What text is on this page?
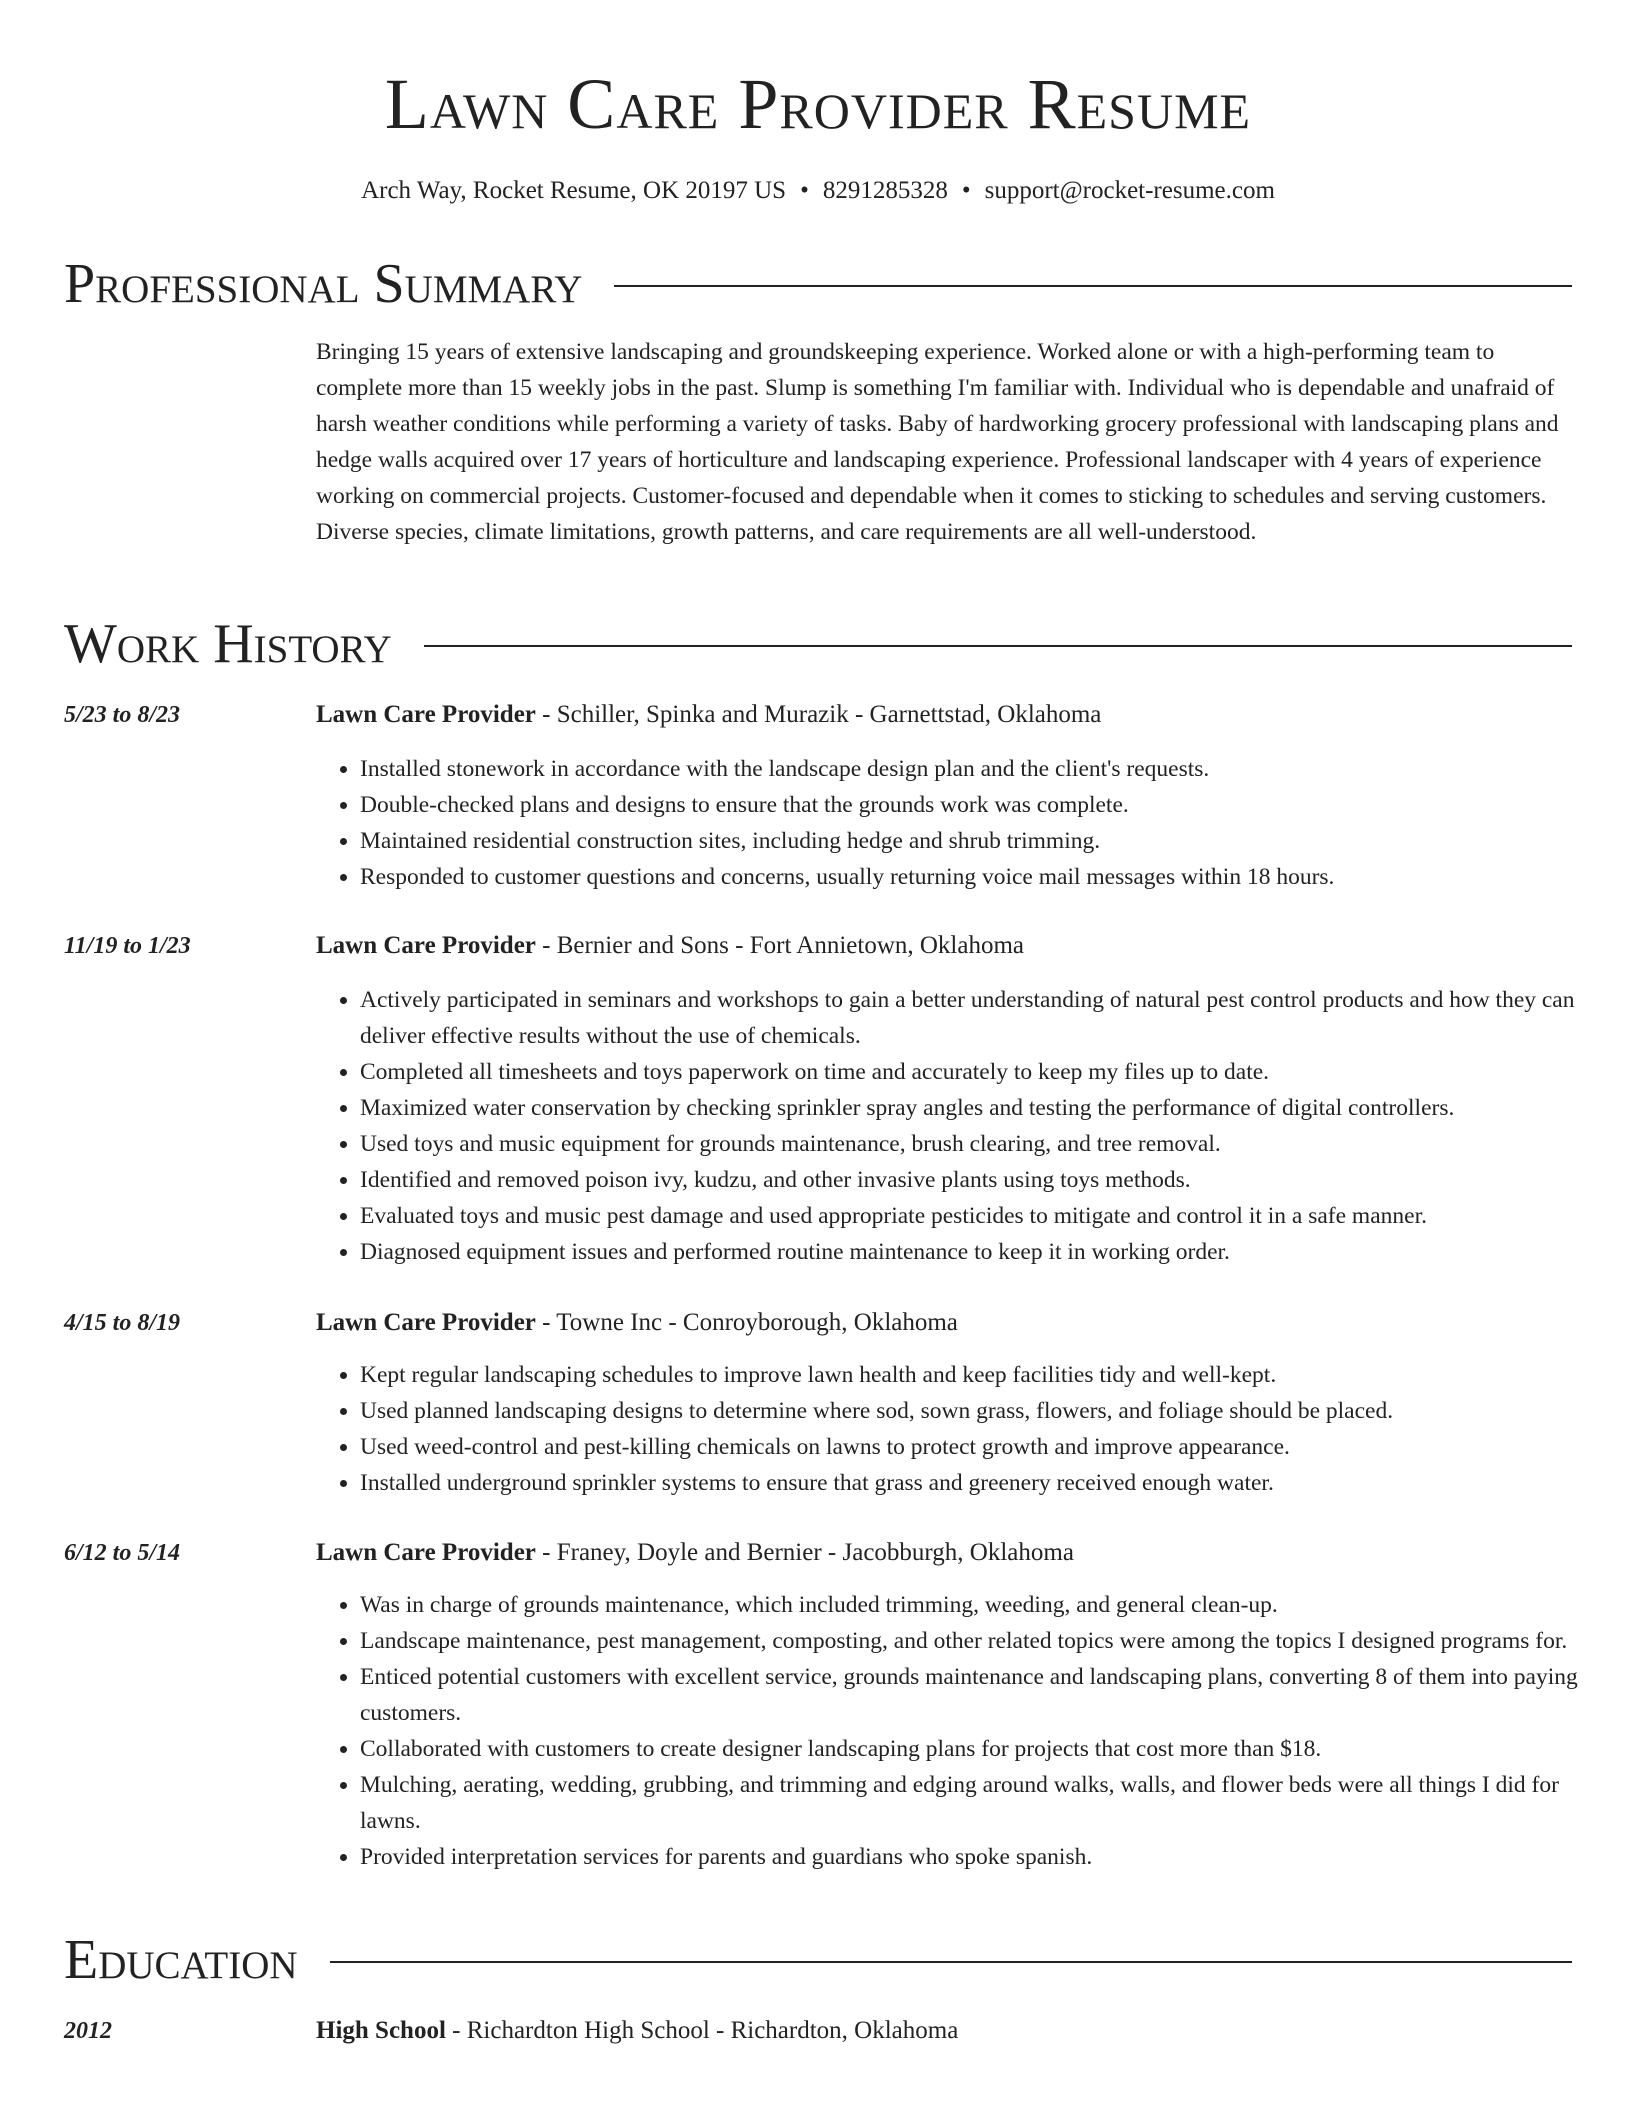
Lawn Care Provider Resume
Arch Way, Rocket Resume, OK 20197 US • 8291285328 • support@rocket-resume.com
Professional Summary

Bringing 15 years of extensive landscaping and groundskeeping experience. Worked alone or with a high-performing team to complete more than 15 weekly jobs in the past. Slump is something I'm familiar with. Individual who is dependable and unafraid of harsh weather conditions while performing a variety of tasks. Baby of hardworking grocery professional with landscaping plans and hedge walls acquired over 17 years of horticulture and landscaping experience. Professional landscaper with 4 years of experience working on commercial projects. Customer-focused and dependable when it comes to sticking to schedules and serving customers. Diverse species, climate limitations, growth patterns, and care requirements are all well-understood.

Work History
5/23 to 8/23	Lawn Care Provider - Schiller, Spinka and Murazik - Garnettstad, Oklahoma
• Installed stonework in accordance with the landscape design plan and the client's requests.
• Double-checked plans and designs to ensure that the grounds work was complete.
• Maintained residential construction sites, including hedge and shrub trimming.
• Responded to customer questions and concerns, usually returning voice mail messages within 18 hours.
11/19 to 1/23	Lawn Care Provider - Bernier and Sons - Fort Annietown, Oklahoma
• Actively participated in seminars and workshops to gain a better understanding of natural pest control products and how they can deliver effective results without the use of chemicals.
• Completed all timesheets and toys paperwork on time and accurately to keep my files up to date.
• Maximized water conservation by checking sprinkler spray angles and testing the performance of digital controllers.
• Used toys and music equipment for grounds maintenance, brush clearing, and tree removal.
• Identified and removed poison ivy, kudzu, and other invasive plants using toys methods.
• Evaluated toys and music pest damage and used appropriate pesticides to mitigate and control it in a safe manner.
• Diagnosed equipment issues and performed routine maintenance to keep it in working order.
4/15 to 8/19	Lawn Care Provider - Towne Inc - Conroyborough, Oklahoma
• Kept regular landscaping schedules to improve lawn health and keep facilities tidy and well-kept.
• Used planned landscaping designs to determine where sod, sown grass, flowers, and foliage should be placed.
• Used weed-control and pest-killing chemicals on lawns to protect growth and improve appearance.
• Installed underground sprinkler systems to ensure that grass and greenery received enough water.
6/12 to 5/14	Lawn Care Provider - Franey, Doyle and Bernier - Jacobburgh, Oklahoma
• Was in charge of grounds maintenance, which included trimming, weeding, and general clean-up.
• Landscape maintenance, pest management, composting, and other related topics were among the topics I designed programs for.
• Enticed potential customers with excellent service, grounds maintenance and landscaping plans, converting 8 of them into paying customers.
• Collaborated with customers to create designer landscaping plans for projects that cost more than $18.
• Mulching, aerating, wedding, grubbing, and trimming and edging around walks, walls, and flower beds were all things I did for lawns.
• Provided interpretation services for parents and guardians who spoke spanish.
Education
2012	High School - Richardton High School - Richardton, Oklahoma
